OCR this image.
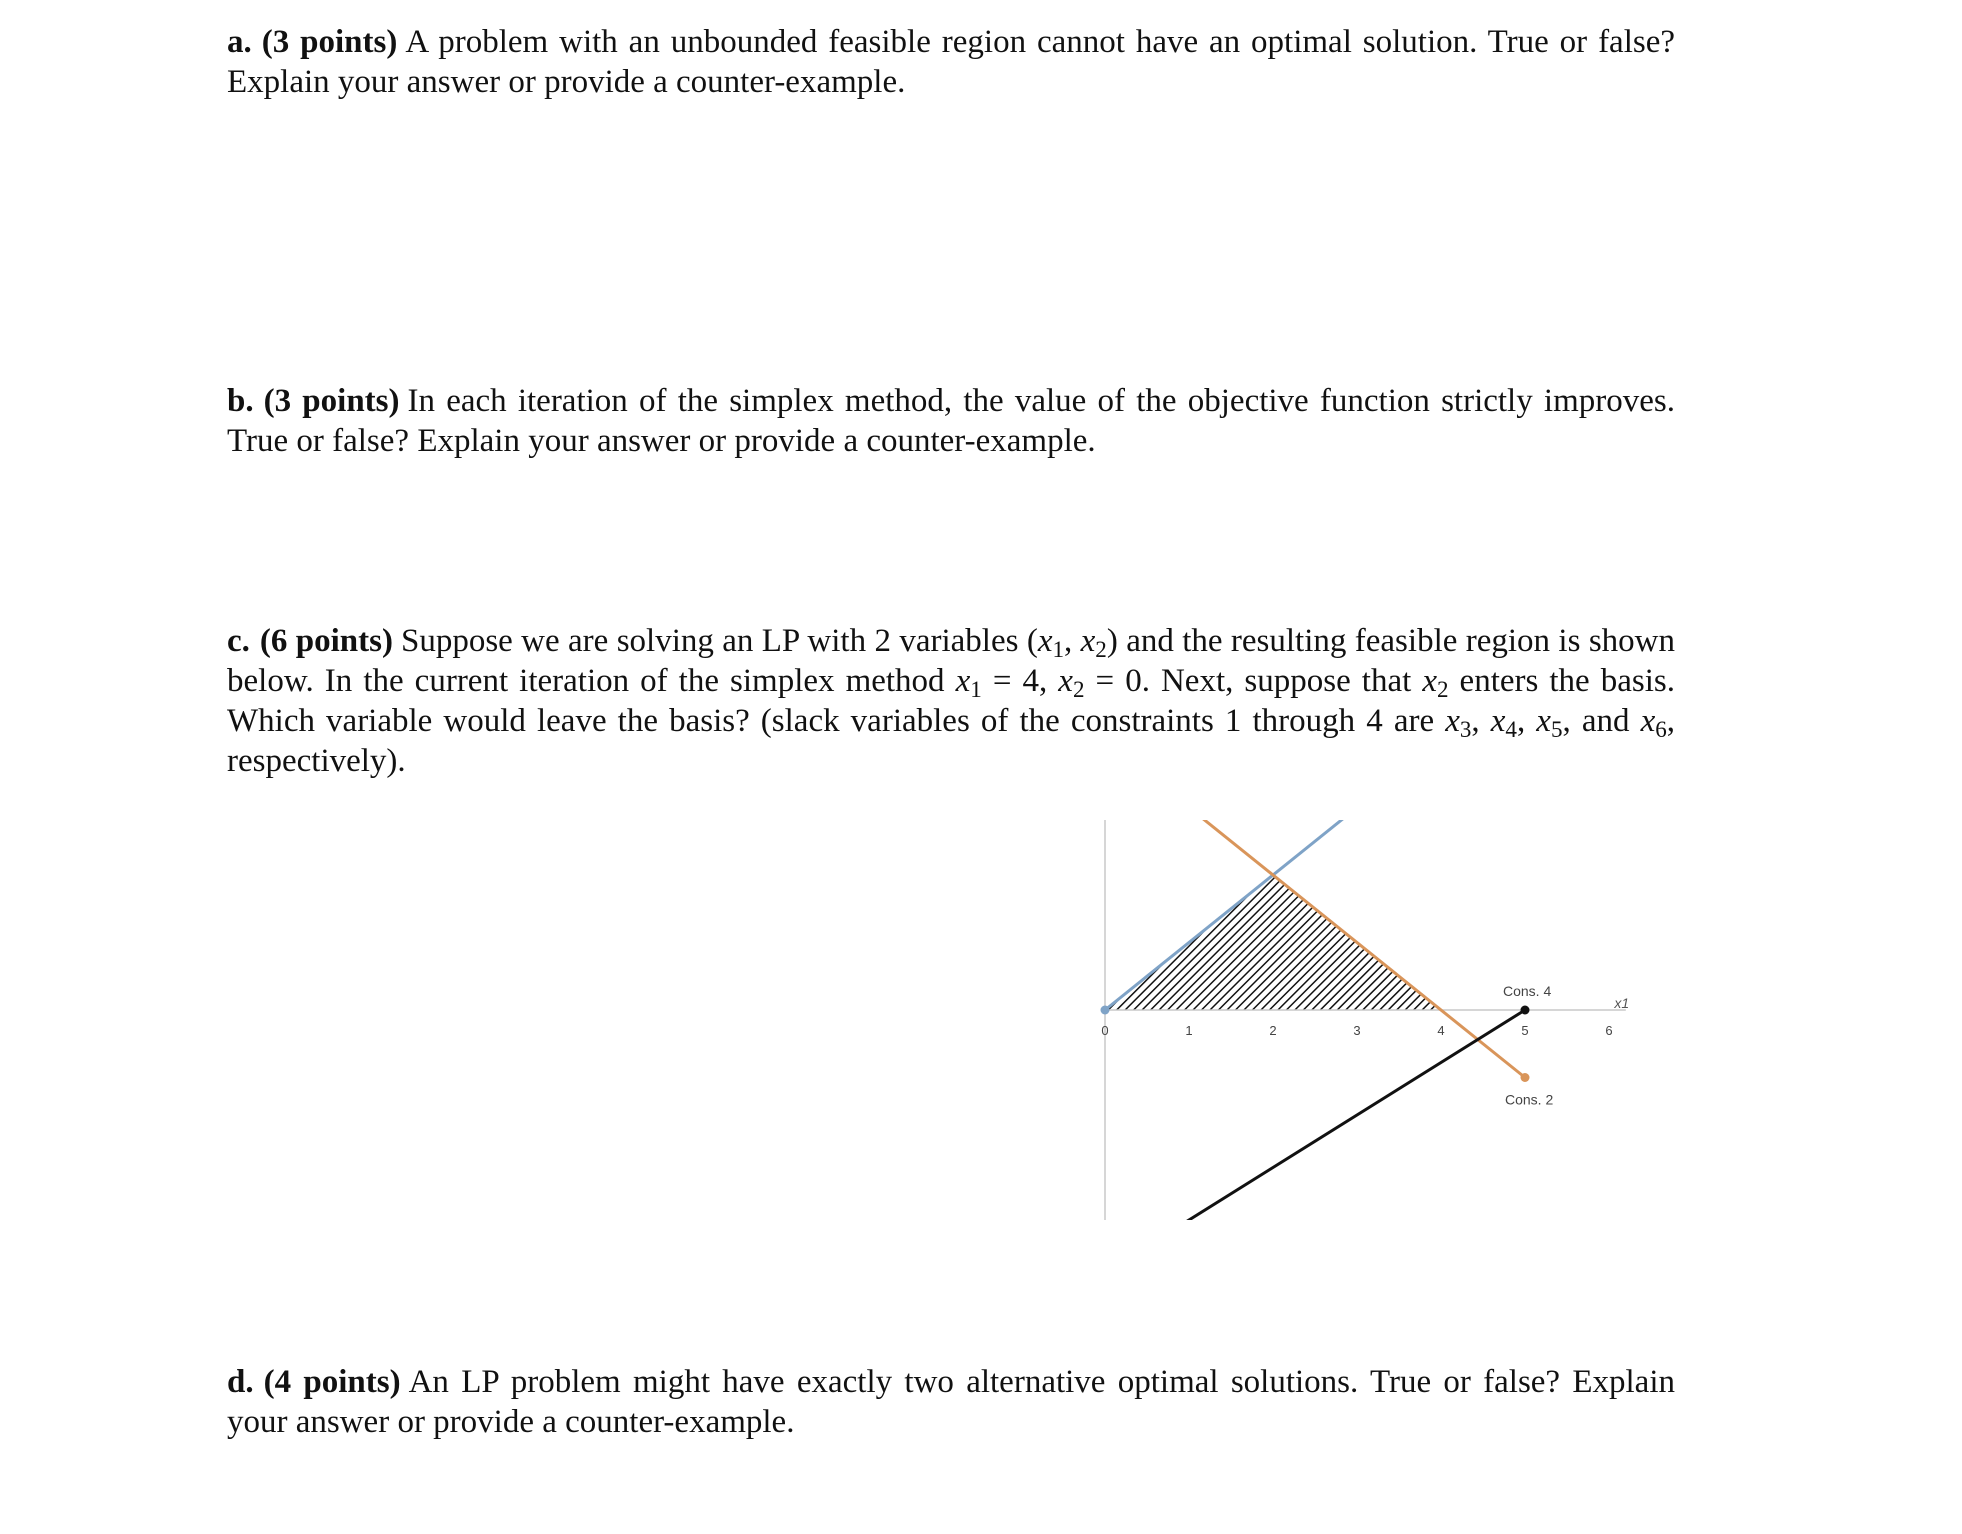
a. (3 points) A problem with an unbounded feasible region cannot have an optimal solution. True or false? Explain your answer or provide a counter-example.
b. (3 points) In each iteration of the simplex method, the value of the objective function strictly improves. True or false? Explain your answer or provide a counter-example.
c. (6 points) Suppose we are solving an LP with 2 variables ($x_1$, $x_2$) and the resulting feasible region is shown below. In the current iteration of the simplex method $x_1 = 4$, $x_2 = 0$. Next, suppose that $x_2$ enters the basis. Which variable would leave the basis? (slack variables of the constraints 1 through 4 are $x_3$, $x_4$, $x_5$, and $x_6$, respectively).
0	1	2	3	4	5	6
x1
Cons. 2
Cons. 4
d. (4 points) An LP problem might have exactly two alternative optimal solutions. True or false? Explain your answer or provide a counter-example.
